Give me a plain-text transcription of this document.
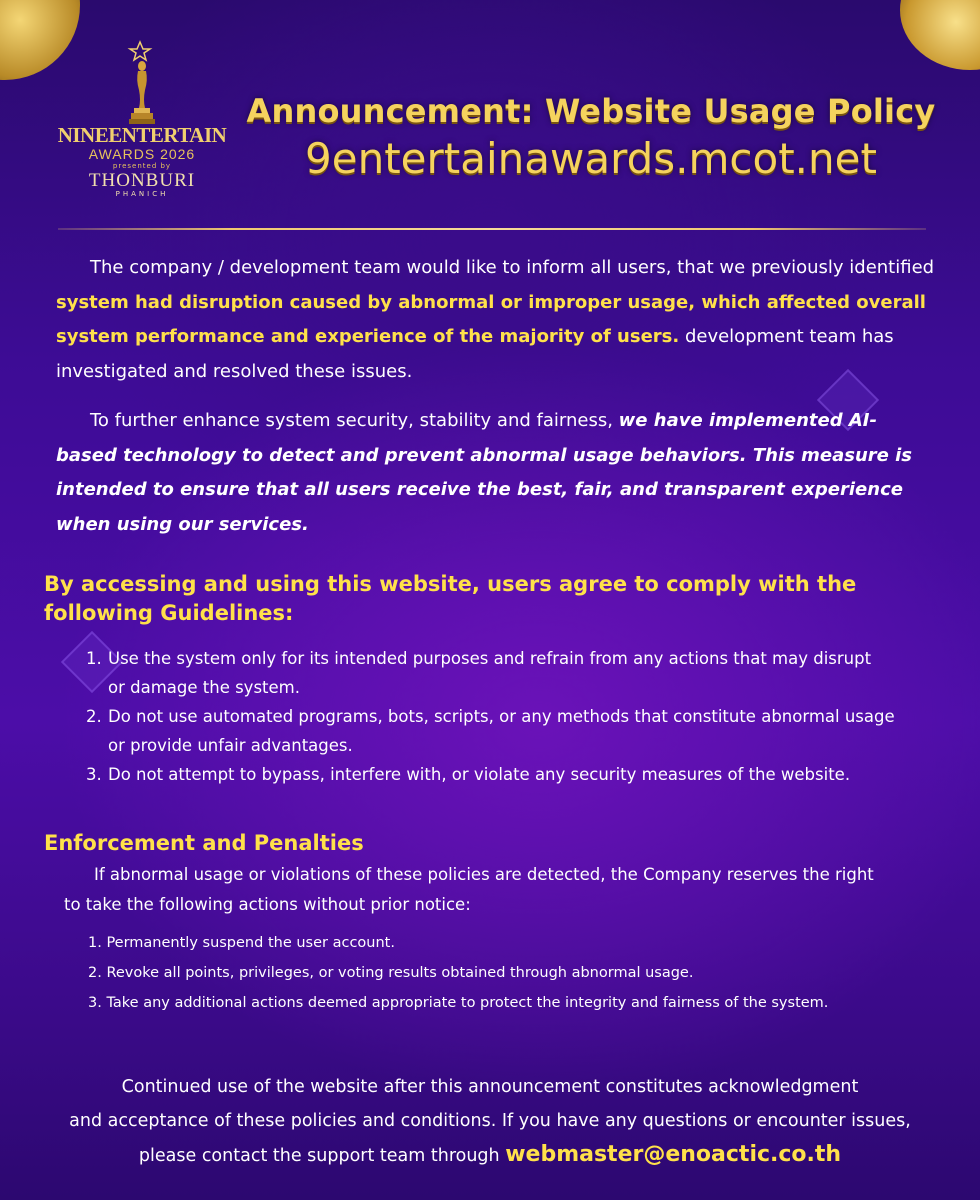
NINEENTERTAIN
AWARDS 2026
presented by
THONBURI
PHANICH
Announcement: Website Usage Policy
9entertainawards.mcot.net
The company / development team would like to inform all users, that we previously identified system had disruption caused by abnormal or improper usage, which affected overall system performance and experience of the majority of users. development team has investigated and resolved these issues.
To further enhance system security, stability and fairness, we have implemented AI-based technology to detect and prevent abnormal usage behaviors. This measure is intended to ensure that all users receive the best, fair, and transparent experience when using our services.
By accessing and using this website, users agree to comply with the following Guidelines:
1. Use the system only for its intended purposes and refrain from any actions that may disrupt
or damage the system.
2. Do not use automated programs, bots, scripts, or any methods that constitute abnormal usage
or provide unfair advantages.
3. Do not attempt to bypass, interfere with, or violate any security measures of the website.
Enforcement and Penalties
If abnormal usage or violations of these policies are detected, the Company reserves the right
to take the following actions without prior notice:
1. Permanently suspend the user account.
2. Revoke all points, privileges, or voting results obtained through abnormal usage.
3. Take any additional actions deemed appropriate to protect the integrity and fairness of the system.
Continued use of the website after this announcement constitutes acknowledgment
and acceptance of these policies and conditions. If you have any questions or encounter issues,
please contact the support team through webmaster@enoactic.co.th
